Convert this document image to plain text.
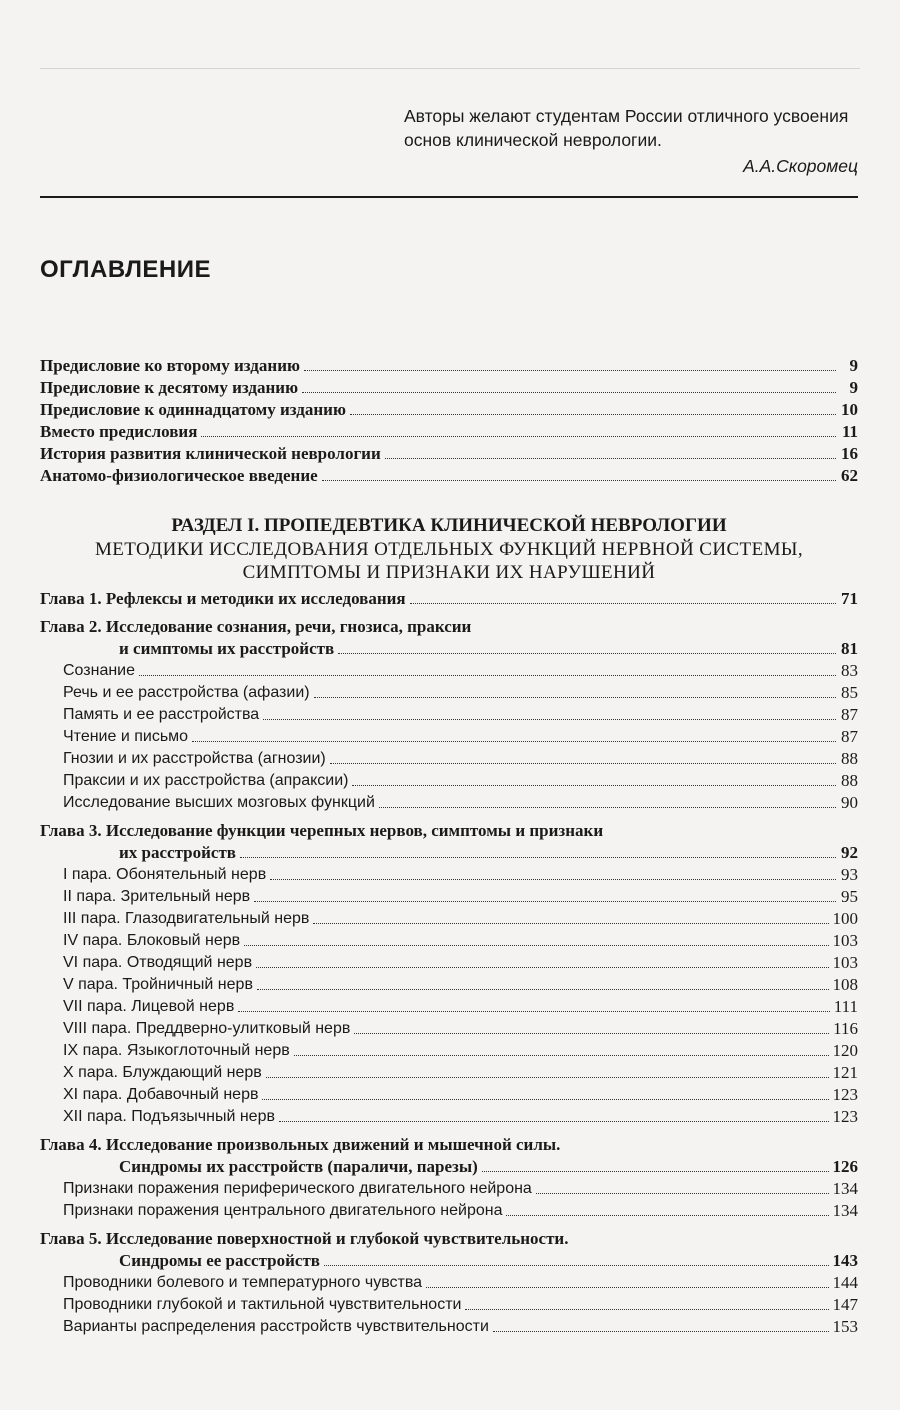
Авторы желают студентам России отличного усвоения основ клинической неврологии.
А.А.Скоромец
ОГЛАВЛЕНИЕ
Предисловие ко второму изданию	9
Предисловие к десятому изданию	9
Предисловие к одиннадцатому изданию	10
Вместо предисловия	11
История развития клинической неврологии	16
Анатомо-физиологическое введение	62
РАЗДЕЛ I. ПРОПЕДЕВТИКА КЛИНИЧЕСКОЙ НЕВРОЛОГИИ
МЕТОДИКИ ИССЛЕДОВАНИЯ ОТДЕЛЬНЫХ ФУНКЦИЙ НЕРВНОЙ СИСТЕМЫ,
СИМПТОМЫ И ПРИЗНАКИ ИХ НАРУШЕНИЙ
Глава 1. Рефлексы и методики их исследования	71
Глава 2. Исследование сознания, речи, гнозиса, праксии
и симптомы их расстройств	81
Сознание	83
Речь и ее расстройства (афазии)	85
Память и ее расстройства	87
Чтение и письмо	87
Гнозии и их расстройства (агнозии)	88
Праксии и их расстройства (апраксии)	88
Исследование высших мозговых функций	90
Глава 3. Исследование функции черепных нервов, симптомы и признаки
их расстройств	92
I пара. Обонятельный нерв	93
II пара. Зрительный нерв	95
III пара. Глазодвигательный нерв	100
IV пара. Блоковый нерв	103
VI пара. Отводящий нерв	103
V пара. Тройничный нерв	108
VII пара. Лицевой нерв	111
VIII пара. Преддверно-улитковый нерв	116
IX пара. Языкоглоточный нерв	120
X пара. Блуждающий нерв	121
XI пара. Добавочный нерв	123
XII пара. Подъязычный нерв	123
Глава 4. Исследование произвольных движений и мышечной силы.
Синдромы их расстройств (параличи, парезы)	126
Признаки поражения периферического двигательного нейрона	134
Признаки поражения центрального двигательного нейрона	134
Глава 5. Исследование поверхностной и глубокой чувствительности.
Синдромы ее расстройств	143
Проводники болевого и температурного чувства	144
Проводники глубокой и тактильной чувствительности	147
Варианты распределения расстройств чувствительности	153
